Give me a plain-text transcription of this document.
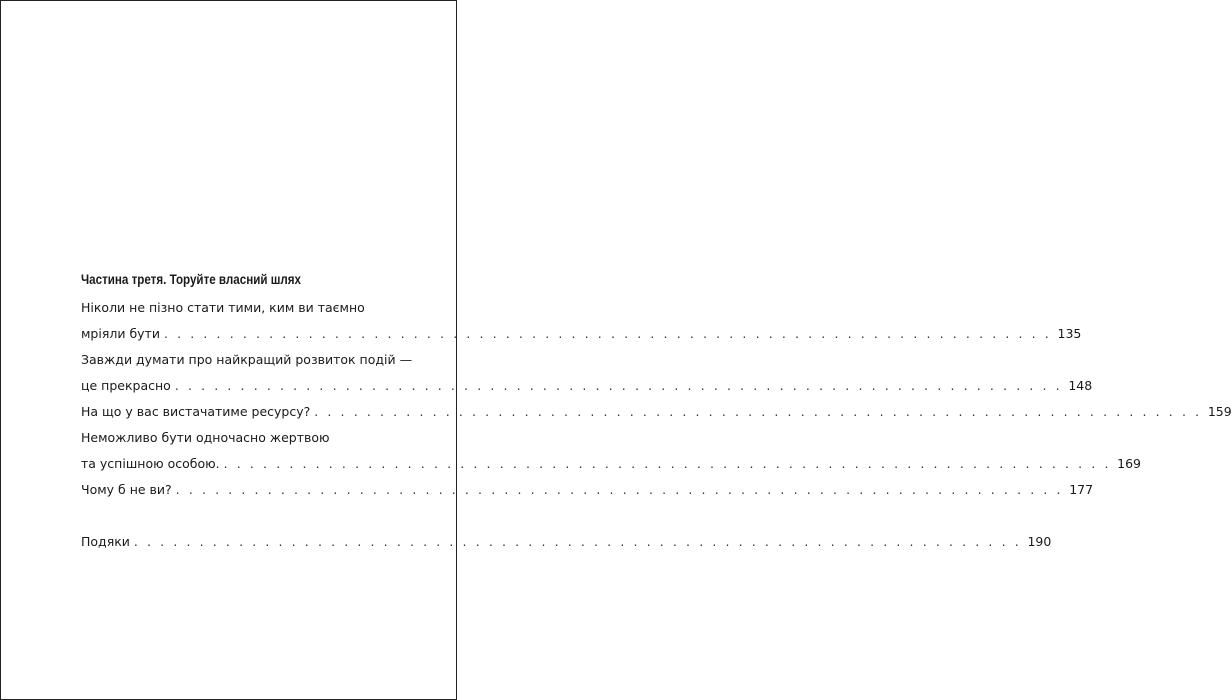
Частина третя. Торуйте власний шлях
Ніколи не пізно стати тими, ким ви таємно
мріяли бути . . . . . . . . . . . . . . . . . . . . . . . . . . . . . . . . . . . . . . . . . . . . . . . . . . . . . . . . . . . . . . . . . . . . 135
Завжди думати про найкращий розвиток подій —
це прекрасно . . . . . . . . . . . . . . . . . . . . . . . . . . . . . . . . . . . . . . . . . . . . . . . . . . . . . . . . . . . . . . . . . . . . 148
На що у вас вистачатиме ресурсу? . . . . . . . . . . . . . . . . . . . . . . . . . . . . . . . . . . . . . . . . . . . . . . . . . . . . . . . . . . . . . . . . . . . . 159
Неможливо бути одночасно жертвою
та успішною особою. . . . . . . . . . . . . . . . . . . . . . . . . . . . . . . . . . . . . . . . . . . . . . . . . . . . . . . . . . . . . . . . . . . . . 169
Чому б не ви? . . . . . . . . . . . . . . . . . . . . . . . . . . . . . . . . . . . . . . . . . . . . . . . . . . . . . . . . . . . . . . . . . . . . 177
Подяки . . . . . . . . . . . . . . . . . . . . . . . . . . . . . . . . . . . . . . . . . . . . . . . . . . . . . . . . . . . . . . . . . . . . 190
